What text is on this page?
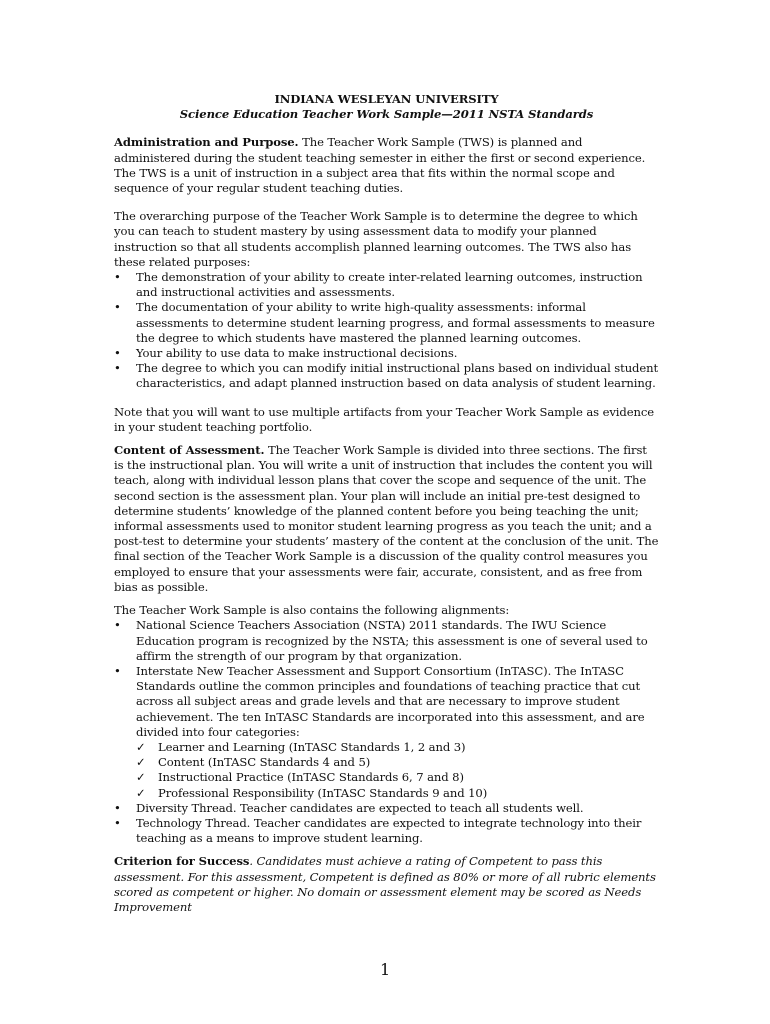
INDIANA WESLEYAN UNIVERSITY

Science Education Teacher Work Sample—2011 NSTA Standards

Administration and Purpose. The Teacher Work Sample (TWS) is planned and administered during the student teaching semester in either the first or second experience. The TWS is a unit of instruction in a subject area that fits within the normal scope and sequence of your regular student teaching duties.

The overarching purpose of the Teacher Work Sample is to determine the degree to which you can teach to student mastery by using assessment data to modify your planned instruction so that all students accomplish planned learning outcomes. The TWS also has these related purposes:

• The demonstration of your ability to create inter-related learning outcomes, instruction and instructional activities and assessments.
• The documentation of your ability to write high-quality assessments: informal assessments to determine student learning progress, and formal assessments to measure the degree to which students have mastered the planned learning outcomes.
• Your ability to use data to make instructional decisions.
• The degree to which you can modify initial instructional plans based on individual student characteristics, and adapt planned instruction based on data analysis of student learning.

Note that you will want to use multiple artifacts from your Teacher Work Sample as evidence in your student teaching portfolio.

Content of Assessment. The Teacher Work Sample is divided into three sections. The first is the instructional plan. You will write a unit of instruction that includes the content you will teach, along with individual lesson plans that cover the scope and sequence of the unit. The second section is the assessment plan. Your plan will include an initial pre-test designed to determine students’ knowledge of the planned content before you being teaching the unit; informal assessments used to monitor student learning progress as you teach the unit; and a post-test to determine your students’ mastery of the content at the conclusion of the unit. The final section of the Teacher Work Sample is a discussion of the quality control measures you employed to ensure that your assessments were fair, accurate, consistent, and as free from bias as possible.

The Teacher Work Sample is also contains the following alignments:

• National Science Teachers Association (NSTA) 2011 standards. The IWU Science Education program is recognized by the NSTA; this assessment is one of several used to affirm the strength of our program by that organization.
• Interstate New Teacher Assessment and Support Consortium (InTASC). The InTASC Standards outline the common principles and foundations of teaching practice that cut across all subject areas and grade levels and that are necessary to improve student achievement. The ten InTASC Standards are incorporated into this assessment, and are divided into four categories:
✓ Learner and Learning (InTASC Standards 1, 2 and 3)
✓ Content (InTASC Standards 4 and 5)
✓ Instructional Practice (InTASC Standards 6, 7 and 8)
✓ Professional Responsibility (InTASC Standards 9 and 10)
• Diversity Thread. Teacher candidates are expected to teach all students well.
• Technology Thread. Teacher candidates are expected to integrate technology into their teaching as a means to improve student learning.

Criterion for Success. Candidates must achieve a rating of Competent to pass this assessment. For this assessment, Competent is defined as 80% or more of all rubric elements scored as competent or higher. No domain or assessment element may be scored as Needs Improvement

1
